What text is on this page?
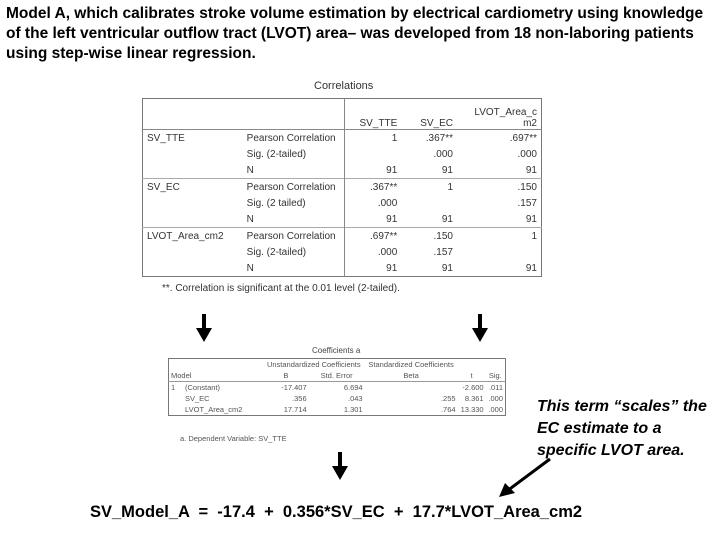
Model A, which calibrates stroke volume estimation by electrical cardiometry using knowledge of the left ventricular outflow tract (LVOT) area– was developed from 18 non-laboring patients using step-wise linear regression.

Correlations
		SV_TTE	SV_EC	LVOT_Area_c m2
SV_TTE	Pearson Correlation	1	.367**	.697**
	Sig. (2-tailed)		.000	.000
	N	91	91	91
SV_EC	Pearson Correlation	.367**	1	.150
	Sig. (2 tailed)	.000		.157
	N	91	91	91
LVOT_Area_cm2	Pearson Correlation	.697**	.150	1
	Sig. (2-tailed)	.000	.157	
	N	91	91	91
**. Correlation is significant at the 0.01 level (2-tailed).
Coefficients a
	Unstandardized Coefficients		Standardized Coefficients		
Model	B	Std. Error	Beta	t	Sig.
1 (Constant)	-17.407	6.694		-2.600	.011
SV_EC	.356	.043	.255	8.361	.000
LVOT_Area_cm2	17.714	1.301	.764	13.330	.000
a. Dependent Variable: SV_TTE
This term “scales” the EC estimate to a specific LVOT area.
SV_Model_A  =  -17.4  +  0.356*SV_EC  +  17.7*LVOT_Area_cm2
